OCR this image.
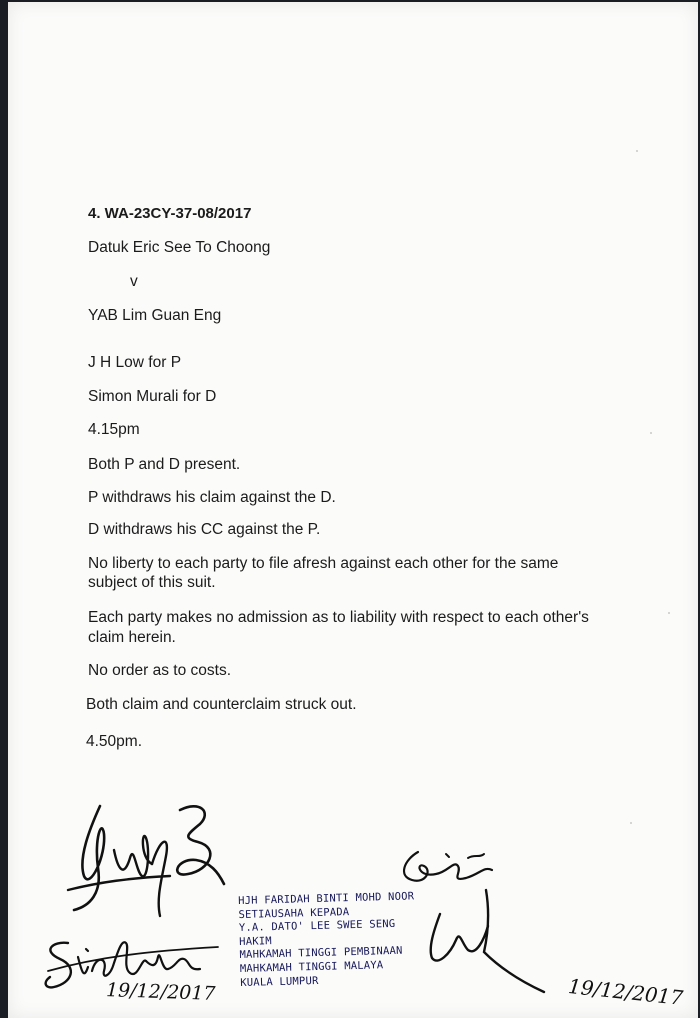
4. WA-23CY-37-08/2017
Datuk Eric See To Choong
v
YAB Lim Guan Eng
J H Low for P
Simon Murali for D
4.15pm
Both P and D present.
P withdraws his claim against the D.
D withdraws his CC against the P.
No liberty to each party to file afresh against each other for the same
subject of this suit.
Each party makes no admission as to liability with respect to each other's
claim herein.
No order as to costs.
Both claim and counterclaim struck out.
4.50pm.
19/12/2017
HJH FARIDAH BINTI MOHD NOOR
SETIAUSAHA KEPADA
Y.A. DATO' LEE SWEE SENG
HAKIM
MAHKAMAH TINGGI PEMBINAAN
MAHKAMAH TINGGI MALAYA
KUALA LUMPUR	19/12/2017
